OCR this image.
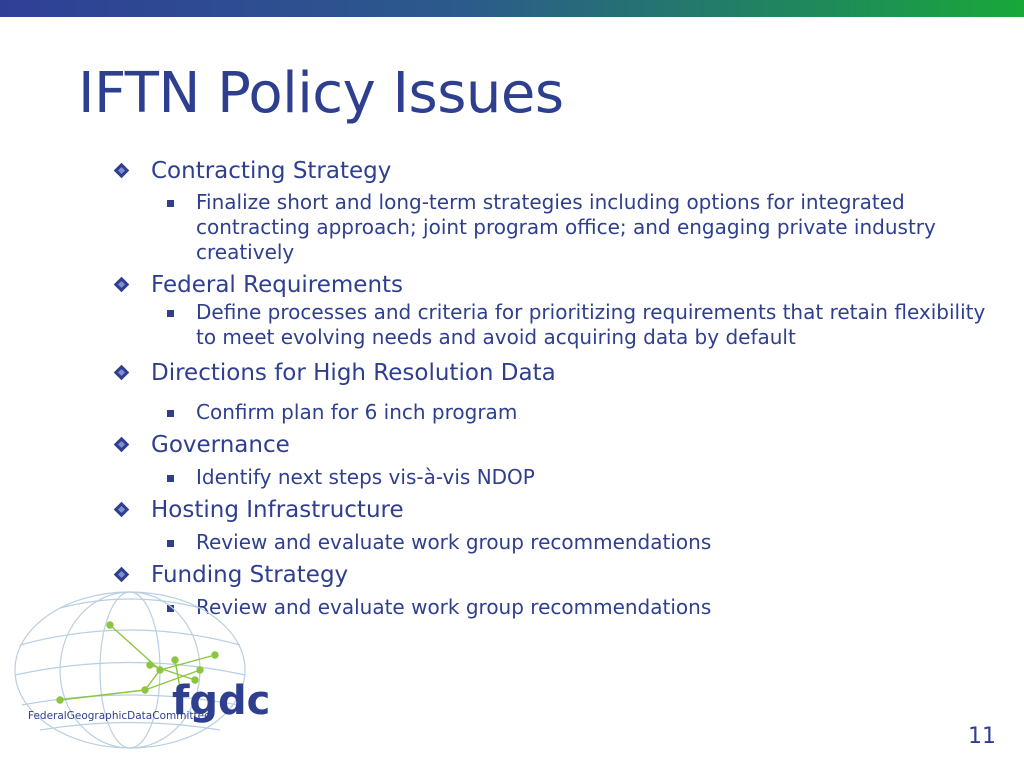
IFTN Policy Issues
Contracting Strategy
Finalize short and long-term strategies including options for integrated contracting approach; joint program office; and engaging private industry creatively
Federal Requirements
Define processes and criteria for prioritizing requirements that retain flexibility to meet evolving needs and avoid acquiring data by default
Directions for High Resolution Data
Confirm plan for 6 inch program
Governance
Identify next steps vis-à-vis NDOP
Hosting Infrastructure
Review and evaluate work group recommendations
Funding Strategy
Review and evaluate work group recommendations
fgdc
FederalGeographicDataCommittee
11
